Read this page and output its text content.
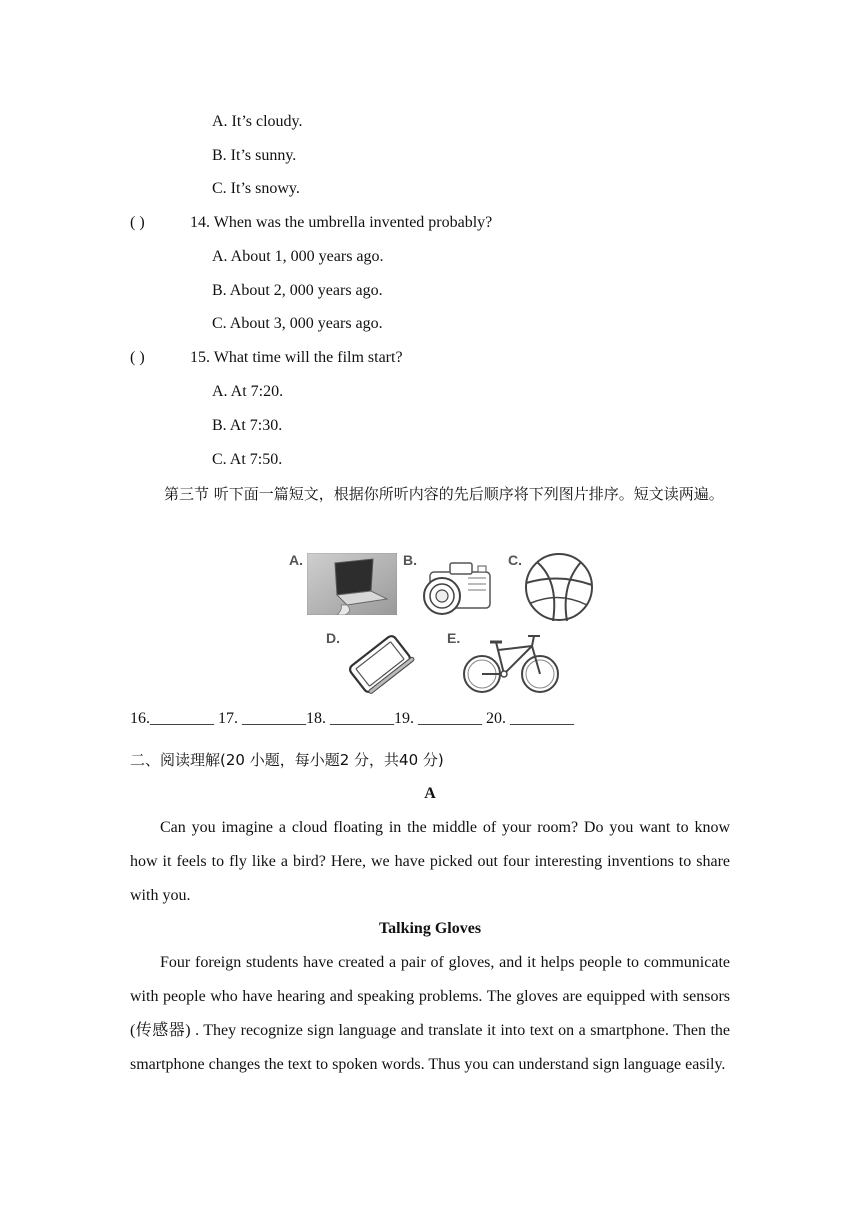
A. It’s cloudy.
B. It’s sunny.
C. It’s snowy.
( )	14. When was the umbrella invented probably?
A. About 1, 000 years ago.
B. About 2, 000 years ago.
C. About 3, 000 years ago.
( )	15. What time will the film start?
A. At 7:20.
B. At 7:30.
C. At 7:50.
第三节 听下面一篇短文，根据你所听内容的先后顺序将下列图片排序。短文读两遍。
A.	B.	C.
D.	E.
16.________ 17. ________18. ________19. ________ 20. ________
二、阅读理解(20 小题，每小题2 分，共40 分)
A
Can you imagine a cloud floating in the middle of your room? Do you want to know how it feels to fly like a bird? Here, we have picked out four interesting inventions to share with you.
Talking Gloves
Four foreign students have created a pair of gloves, and it helps people to communicate with people who have hearing and speaking problems. The gloves are equipped with sensors (传感器) . They recognize sign language and translate it into text on a smartphone. Then the smartphone changes the text to spoken words. Thus you can understand sign language easily.
